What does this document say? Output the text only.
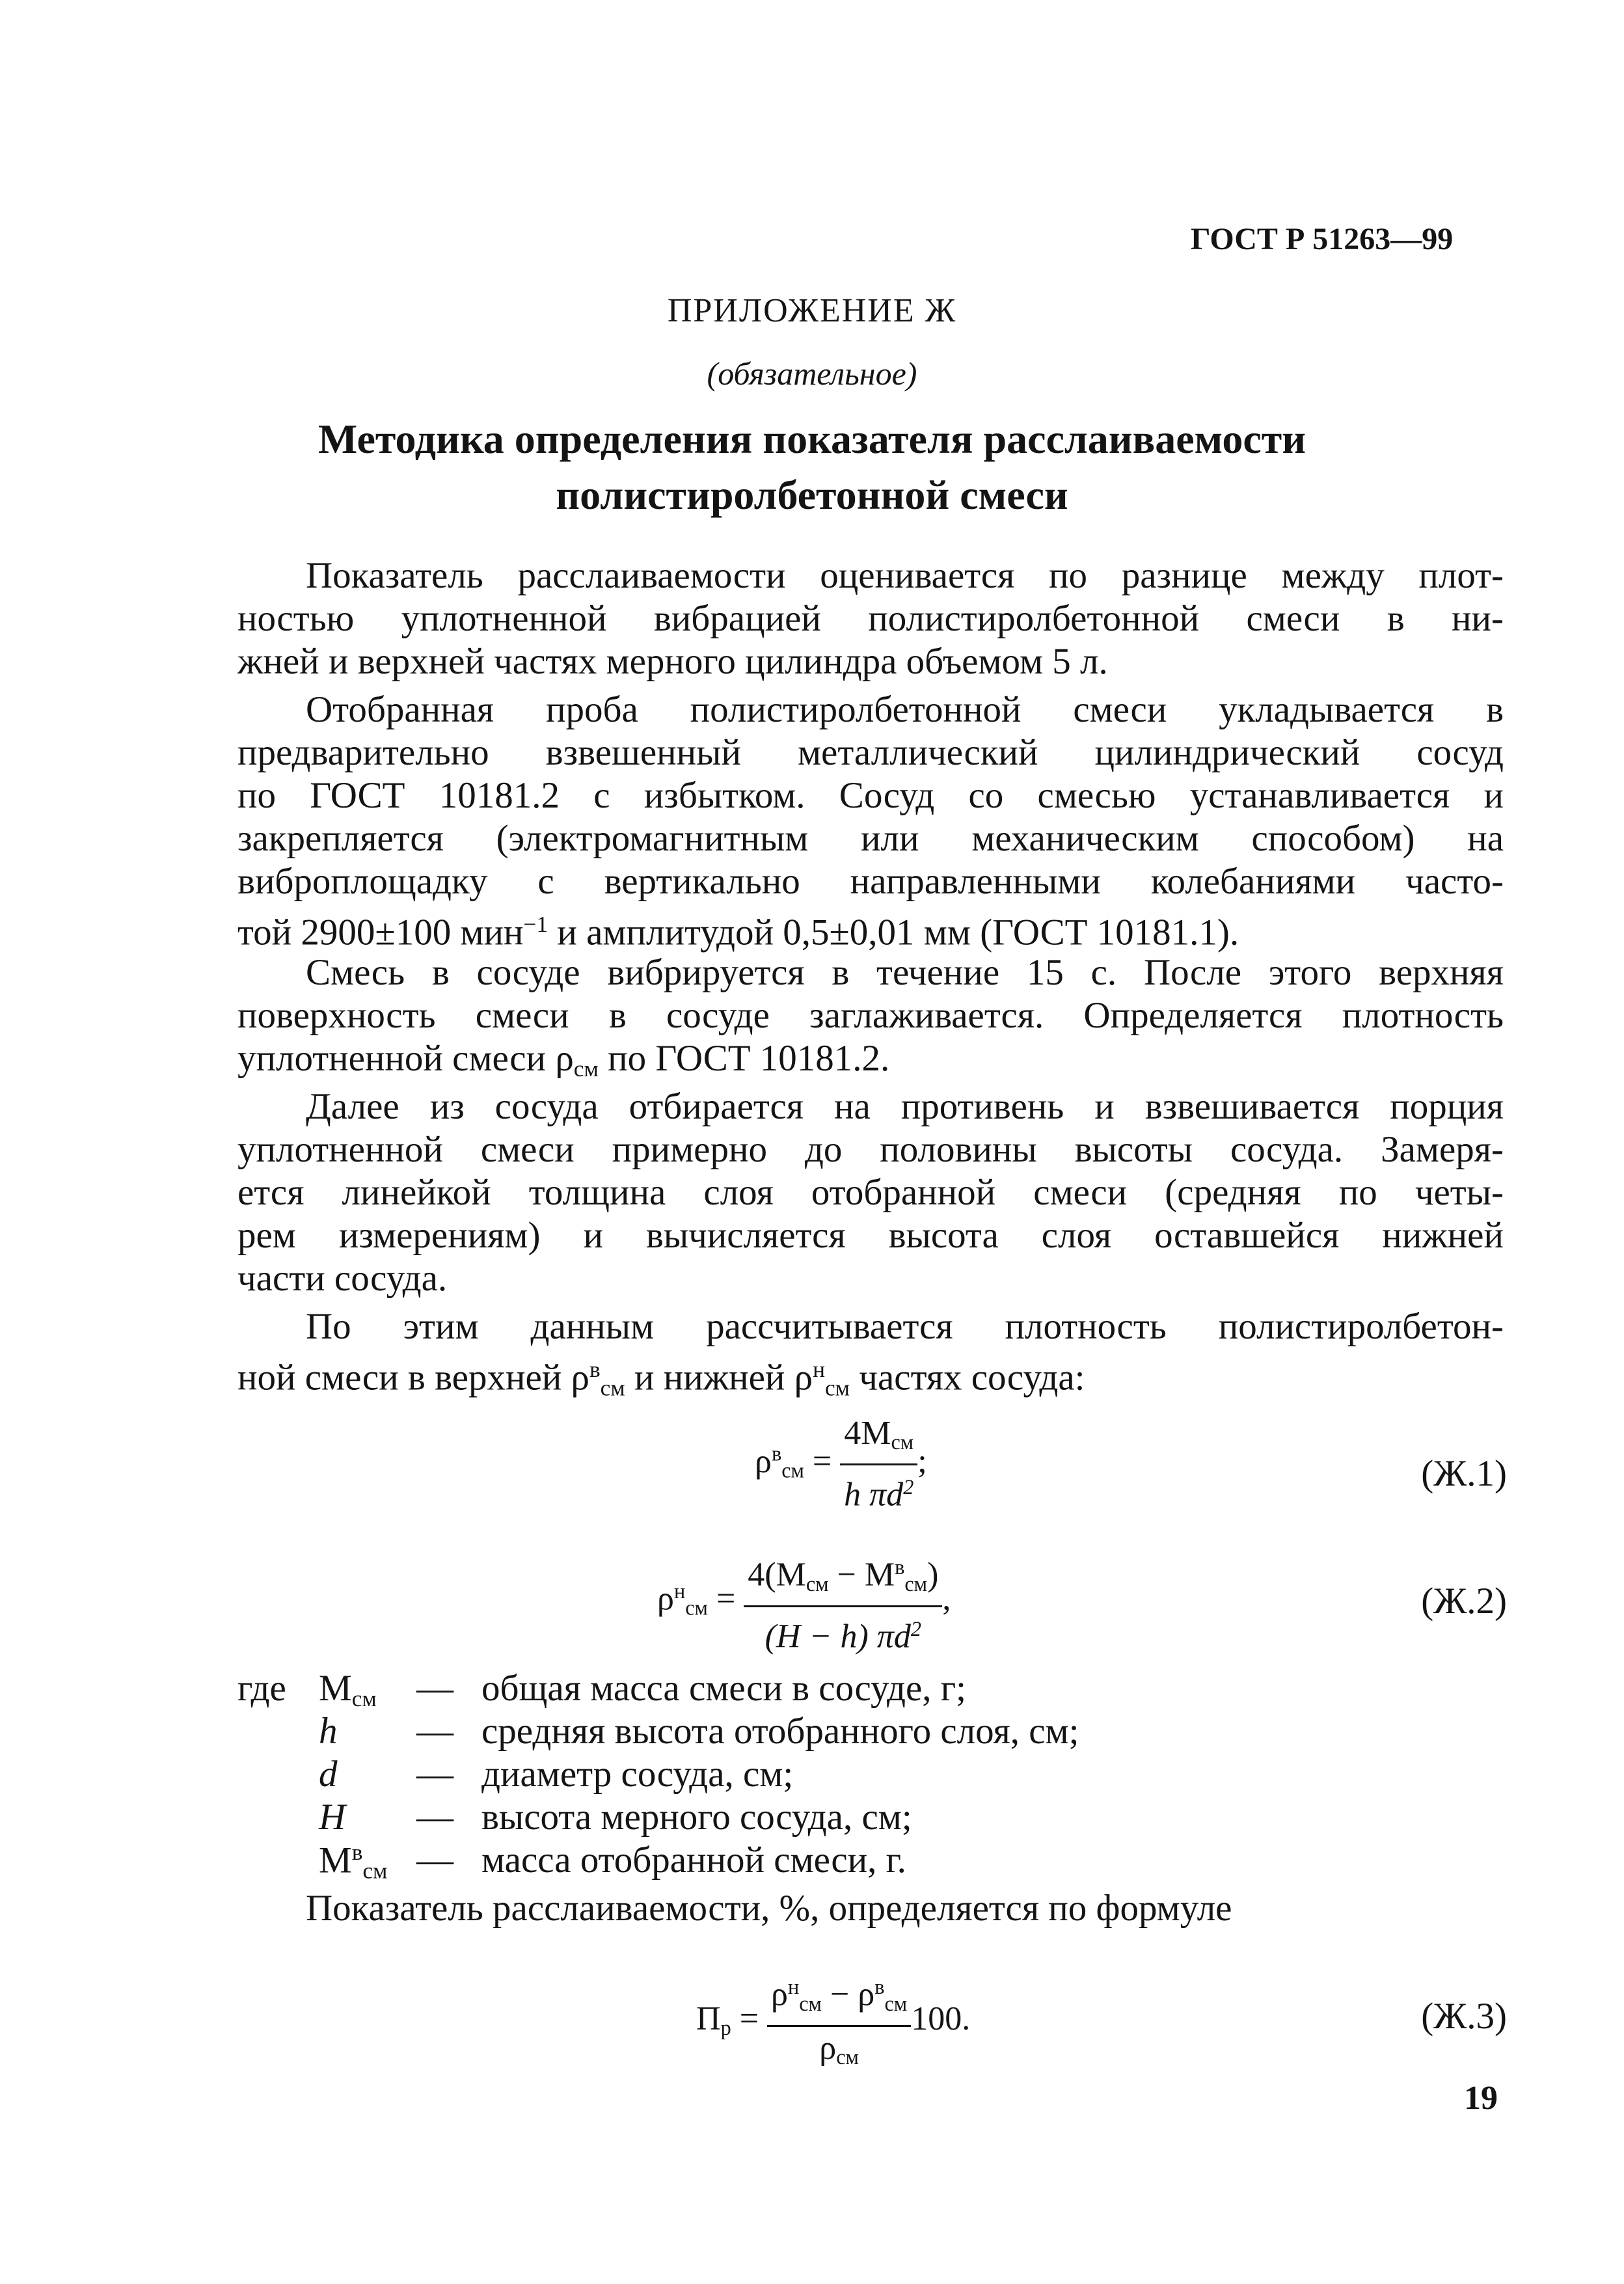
ГОСТ Р 51263—99
ПРИЛОЖЕНИЕ Ж
(обязательное)
Методика определения показателя расслаиваемости
полистиролбетонной смеси
Показатель расслаиваемости оценивается по разнице между плот-
ностью уплотненной вибрацией полистиролбетонной смеси в ни-
жней и верхней частях мерного цилиндра объемом 5 л.
Отобранная проба полистиролбетонной смеси укладывается в
предварительно взвешенный металлический цилиндрический сосуд
по ГОСТ 10181.2 с избытком. Сосуд со смесью устанавливается и
закрепляется (электромагнитным или механическим способом) на
виброплощадку с вертикально направленными колебаниями часто-
той 2900±100 мин$^{-1}$ и амплитудой 0,5±0,01 мм (ГОСТ 10181.1).
Смесь в сосуде вибрируется в течение 15 с. После этого верхняя
поверхность смеси в сосуде заглаживается. Определяется плотность
уплотненной смеси $\rho_{см}$ по ГОСТ 10181.2.
Далее из сосуда отбирается на противень и взвешивается порция
уплотненной смеси примерно до половины высоты сосуда. Замеря-
ется линейкой толщина слоя отобранной смеси (средняя по четы-
рем измерениям) и вычисляется высота слоя оставшейся нижней
части сосуда.
По этим данным рассчитывается плотность полистиролбетон-
ной смеси в верхней $\rho^в_{см}$ и нижней $\rho^н_{см}$ частях сосуда:
$\rho^в_{см} = \frac{4M_{см}}{h \pi d^2}$ ;	(Ж.1)
$\rho^н_{см} = \frac{4(M_{см} - M^в_{см})}{(H - h) \pi d^2}$ ,	(Ж.2)
где $M_{см}$ — общая масса смеси в сосуде, г;
h — средняя высота отобранного слоя, см;
d — диаметр сосуда, см;
H — высота мерного сосуда, см;
$M^в_{см}$ — масса отобранной смеси, г.
Показатель расслаиваемости, %, определяется по формуле
$П_р = \frac{\rho^н_{см} - \rho^в_{см}}{\rho_{см}} 100$.	(Ж.3)
19
